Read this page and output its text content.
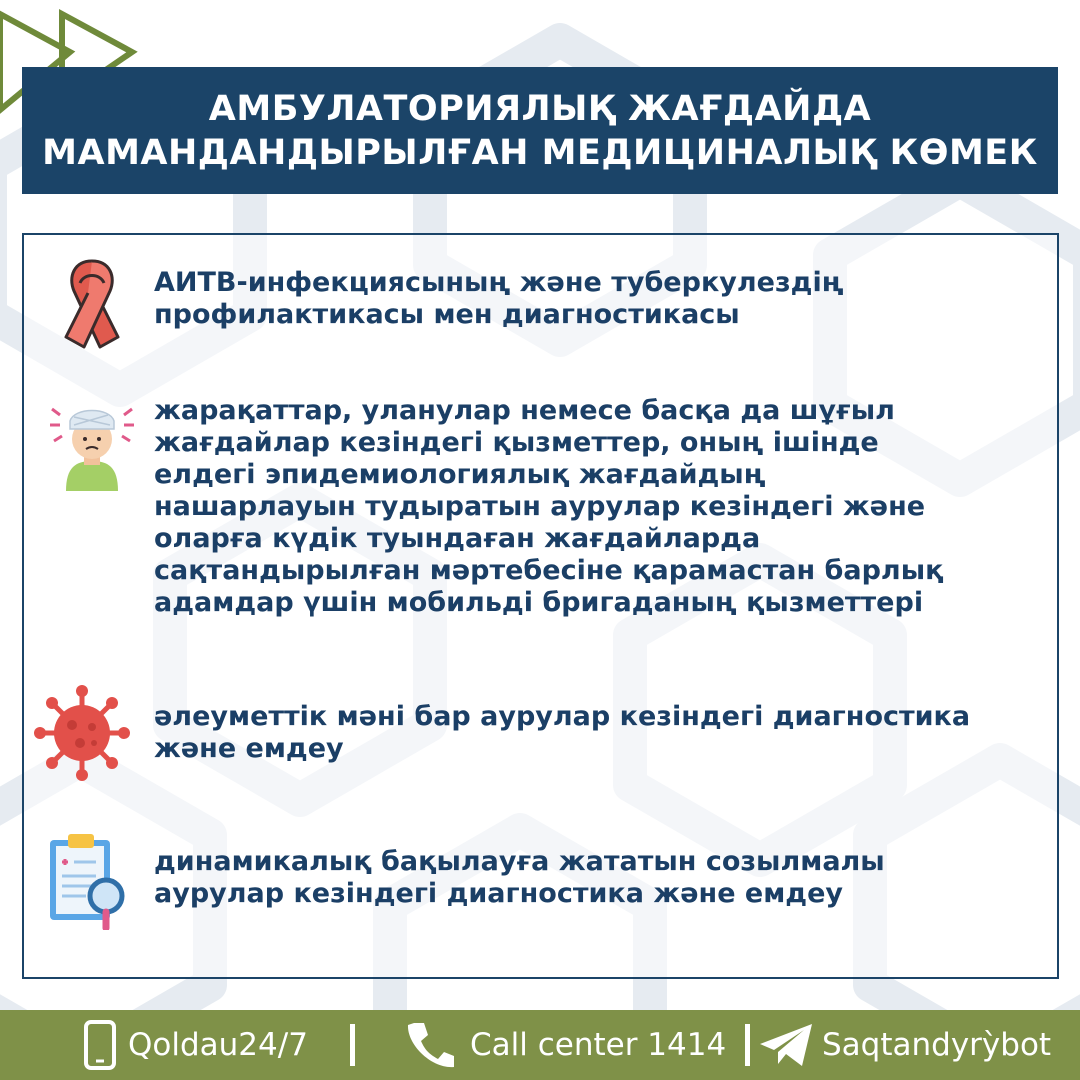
АМБУЛАТОРИЯЛЫҚ ЖАҒДАЙДА
МАМАНДАНДЫРЫЛҒАН МЕДИЦИНАЛЫҚ КӨМЕК
АИТВ-инфекциясының және туберкулездің
профилактикасы мен диагностикасы
жарақаттар, уланулар немесе басқа да шұғыл
жағдайлар кезіндегі қызметтер, оның ішінде
елдегі эпидемиологиялық жағдайдың
нашарлауын тудыратын аурулар кезіндегі және
оларға күдік туындаған жағдайларда
сақтандырылған мәртебесіне қарамастан барлық
адамдар үшін мобильді бригаданың қызметтері
әлеуметтік мәні бар аурулар кезіндегі диагностика
және емдеу
динамикалық бақылауға жататын созылмалы
аурулар кезіндегі диагностика және емдеу
Qoldau24/7	Call center 1414	Saqtandyrỳbot
